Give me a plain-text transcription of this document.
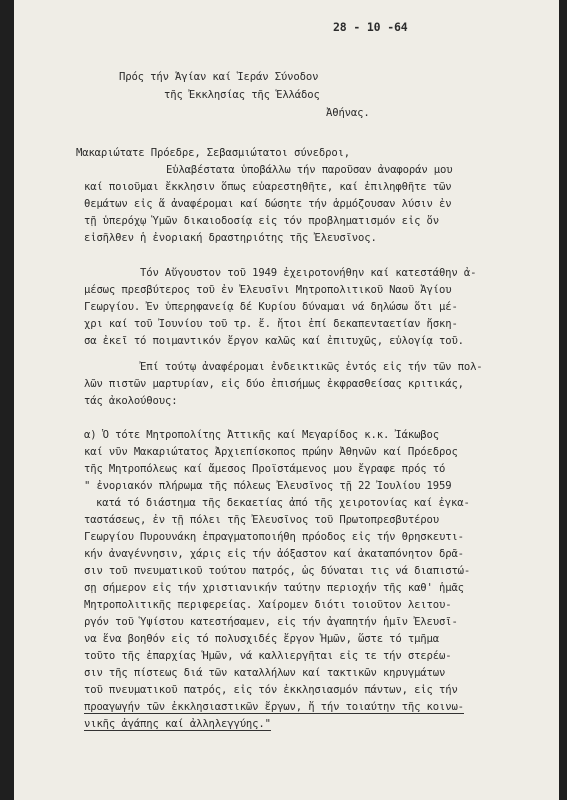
28 - 10 -64
Πρός τήν Ἁγίαν καί Ἱεράν Σύνοδον
τῆς Ἐκκλησίας τῆς Ἑλλάδος
Ἀθήνας.
Μακαριώτατε Πρόεδρε, Σεβασμιώτατοι σύνεδροι,
Εὐλαβέστατα ὑποβάλλω τήν παροῦσαν ἀναφοράν μου
καί ποιοῦμαι ἔκκλησιν ὅπως εὐαρεστηθῆτε, καί ἐπιληφθῆτε τῶν
θεμάτων εἰς ἅ ἀναφέρομαι καί δώσητε τήν ἁρμόζουσαν λύσιν ἐν
τῇ ὑπερόχῳ Ὑμῶν δικαιοδοσίᾳ εἰς τόν προβληματισμόν εἰς ὅν
εἰσῆλθεν ἡ ἐνοριακή δραστηριότης τῆς Ἐλευσῖνος.
Τόν Αὔγουστον τοῦ 1949 ἐχειροτονήθην καί κατεστάθην ἀ-
μέσως πρεσβύτερος τοῦ ἐν Ἐλευσῖνι Μητροπολιτικοῦ Ναοῦ Ἁγίου
Γεωργίου. Ἐν ὑπερηφανείᾳ δέ Κυρίου δύναμαι νά δηλώσω ὅτι μέ-
χρι καί τοῦ Ἰουνίου τοῦ τρ. ἔ. ἤτοι ἐπί δεκαπενταετίαν ἤσκη-
σα ἐκεῖ τό ποιμαντικόν ἔργον καλῶς καί ἐπιτυχῶς, εὐλογίᾳ τοῦ.
Ἐπί τούτῳ ἀναφέρομαι ἐνδεικτικῶς ἐντός εἰς τήν τῶν πολ-
λῶν πιστῶν μαρτυρίαν, εἰς δύο ἐπισήμως ἐκφρασθείσας κριτικάς,
τάς ἀκολούθους:
α) Ὁ τότε Μητροπολίτης Ἀττικῆς καί Μεγαρίδος κ.κ. Ἰάκωβος
καί νῦν Μακαριώτατος Ἀρχιεπίσκοπος πρώην Ἀθηνῶν καί Πρόεδρος
τῆς Μητροπόλεως καί ἄμεσος Προϊστάμενος μου ἔγραφε πρός τό
" ἐνοριακόν πλήρωμα τῆς πόλεως Ἐλευσῖνος τῇ 22 Ἰουλίου 1959
κατά τό διάστημα τῆς δεκαετίας ἀπό τῆς χειροτονίας καί ἐγκα-
ταστάσεως, ἐν τῇ πόλει τῆς Ἐλευσῖνος τοῦ Πρωτοπρεσβυτέρου
Γεωργίου Πυρουνάκη ἐπραγματοποιήθη πρόοδος εἰς τήν θρησκευτι-
κήν ἀναγέννησιν, χάρις εἰς τήν ἀόξαστον καί ἀκαταπόνητον δρᾶ-
σιν τοῦ πνευματικοῦ τούτου πατρός, ὡς δύναται τις νά διαπιστώ-
σῃ σήμερον εἰς τήν χριστιανικήν ταύτην περιοχήν τῆς καθ' ἡμᾶς
Μητροπολιτικῆς περιφερείας. Χαίρομεν διότι τοιοῦτον λειτου-
ργόν τοῦ Ὑψίστου κατεστήσαμεν, εἰς τήν ἀγαπητήν ἡμῖν Ἐλευσῖ-
να ἕνα βοηθόν εἰς τό πολυσχιδές ἔργον Ἡμῶν, ὥστε τό τμῆμα
τοῦτο τῆς ἐπαρχίας Ἡμῶν, νά καλλιεργῆται εἰς τε τήν στερέω-
σιν τῆς πίστεως διά τῶν καταλλήλων καί τακτικῶν κηρυγμάτων
τοῦ πνευματικοῦ πατρός, εἰς τόν ἐκκλησιασμόν πάντων, εἰς τήν
προαγωγήν τῶν ἐκκλησιαστικῶν ἔργων, ἤ τήν τοιαύτην τῆς κοινω-
νικῆς ἀγάπης καί ἀλληλεγγύης."
